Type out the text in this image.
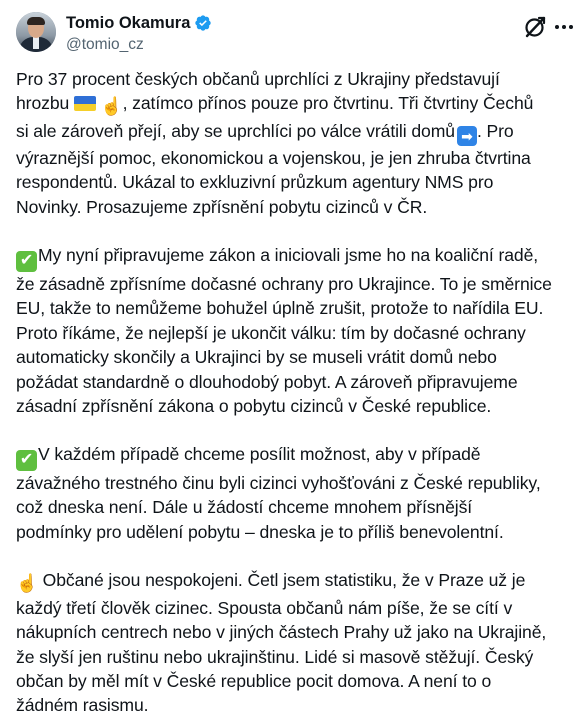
Tomio Okamura
@tomio_cz
Pro 37 procent českých občanů uprchlíci z Ukrajiny představují
hrozbu
☝️, zatímco přínos pouze pro čtvrtinu. Tři čtvrtiny Čechů
si ale zároveň přejí, aby se uprchlíci po válce vrátili domů ➡ . Pro
výraznější pomoc, ekonomickou a vojenskou, je jen zhruba čtvrtina
respondentů. Ukázal to exkluzivní průzkum agentury NMS pro
Novinky. Prosazujeme zpřísnění pobytu cizinců v ČR.
✔ My nyní připravujeme zákon a iniciovali jsme ho na koaliční radě,
že zásadně zpřísníme dočasné ochrany pro Ukrajince. To je směrnice
EU, takže to nemůžeme bohužel úplně zrušit, protože to nařídila EU.
Proto říkáme, že nejlepší je ukončit válku: tím by dočasné ochrany
automaticky skončily a Ukrajinci by se museli vrátit domů nebo
požádat standardně o dlouhodobý pobyt. A zároveň připravujeme
zásadní zpřísnění zákona o pobytu cizinců v České republice.
✔ V každém případě chceme posílit možnost, aby v případě
závažného trestného činu byli cizinci vyhošťováni z České republiky,
což dneska není. Dále u žádostí chceme mnohem přísnější
podmínky pro udělení pobytu – dneska je to příliš benevolentní.
☝️ Občané jsou nespokojeni. Četl jsem statistiku, že v Praze už je
každý třetí člověk cizinec. Spousta občanů nám píše, že se cítí v
nákupních centrech nebo v jiných částech Prahy už jako na Ukrajině,
že slyší jen ruštinu nebo ukrajinštinu. Lidé si masově stěžují. Český
občan by měl mít v České republice pocit domova. A není to o
žádném rasismu.
